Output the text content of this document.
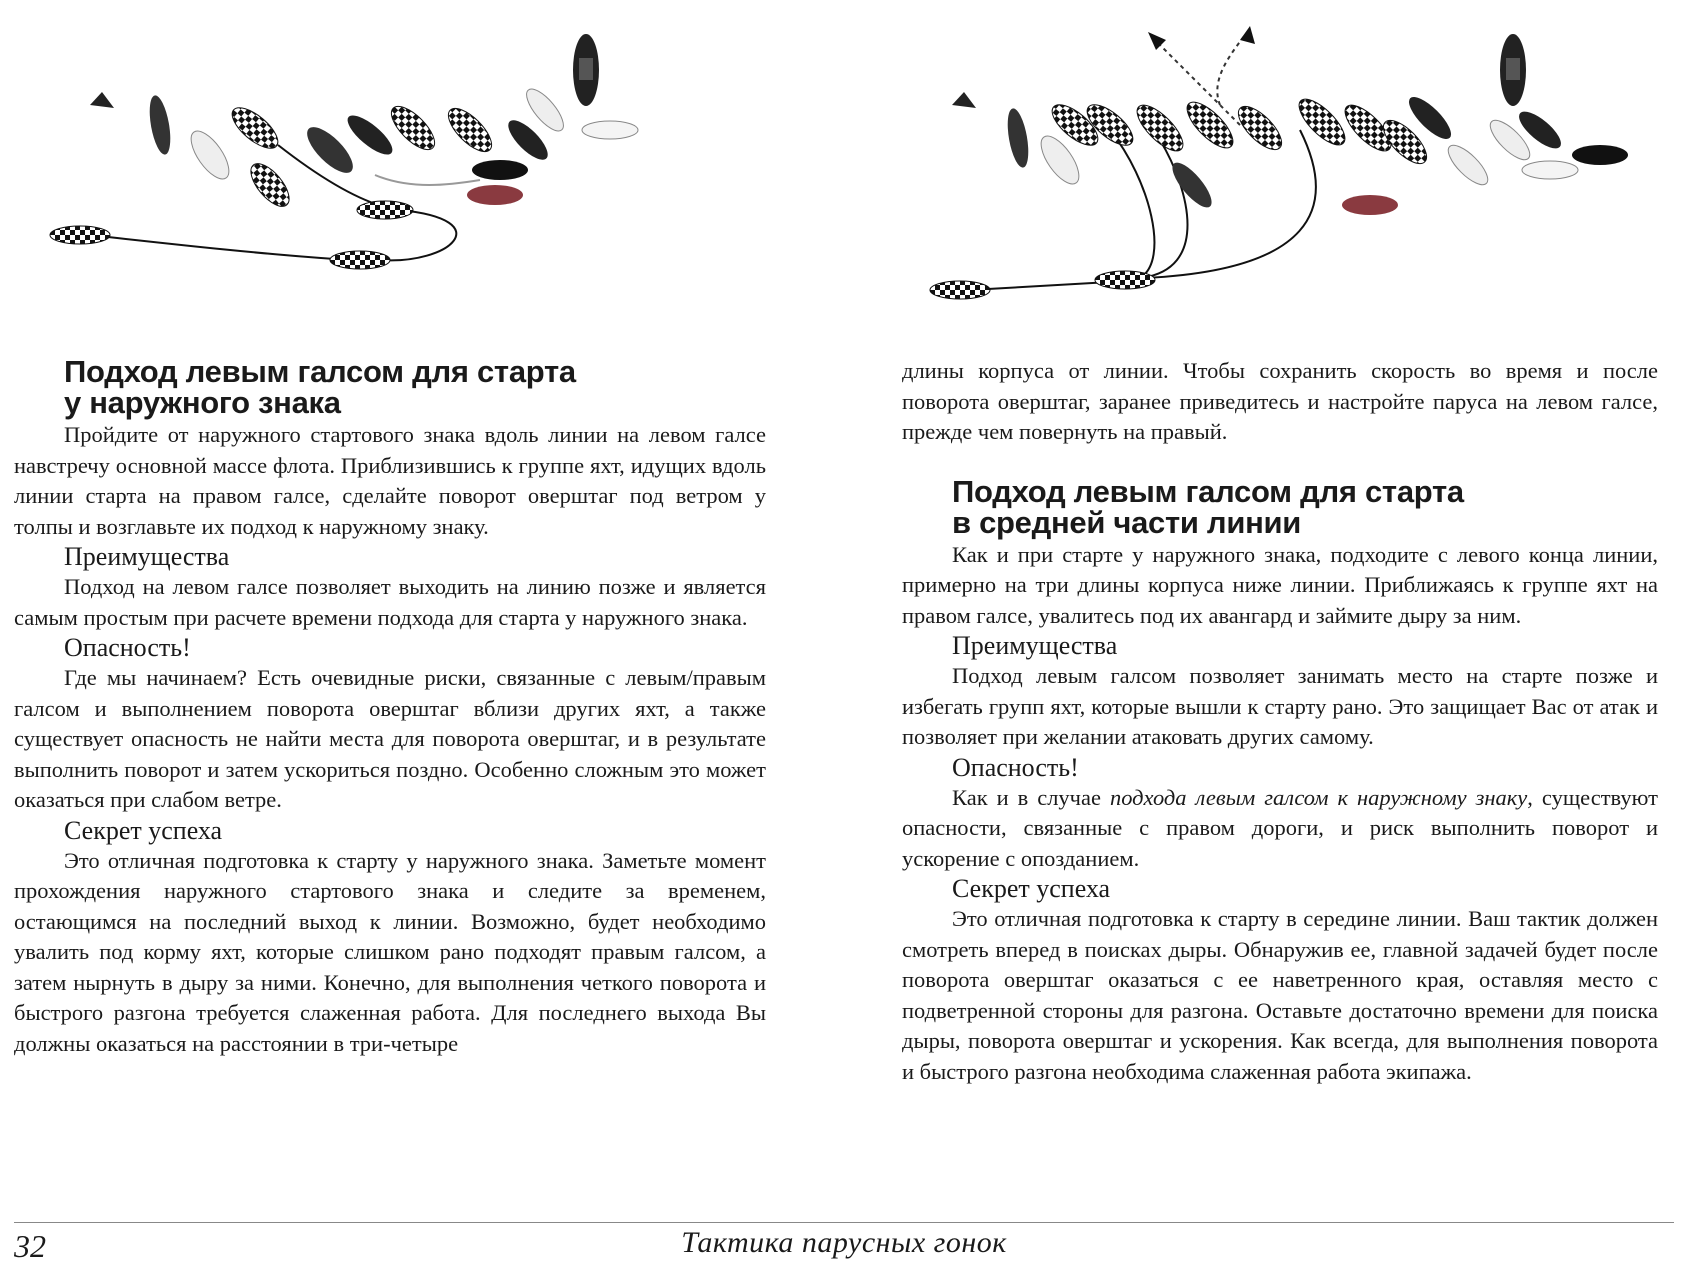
Подход левым галсом для старта
у наружного знака

Пройдите от наружного стартового знака вдоль линии на левом галсе навстречу основной массе флота. Приблизившись к группе яхт, идущих вдоль линии старта на правом галсе, сделайте поворот оверштаг под ветром у толпы и возглавьте их подход к наружному знаку.

Преимущества

Подход на левом галсе позволяет выходить на линию позже и является самым простым при расчете времени подхода для старта у наружного знака.

Опасность!

Где мы начинаем? Есть очевидные риски, связанные с левым/правым галсом и выполнением поворота оверштаг вблизи других яхт, а также существует опасность не найти места для поворота оверштаг, и в результате выполнить поворот и затем ускориться поздно. Особенно сложным это может оказаться при слабом ветре.

Секрет успеха

Это отличная подготовка к старту у наружного знака. Заметьте момент прохождения наружного стартового знака и следите за временем, остающимся на последний выход к линии. Возможно, будет необходимо увалить под корму яхт, которые слишком рано подходят правым галсом, а затем нырнуть в дыру за ними. Конечно, для выполнения четкого поворота и быстрого разгона требуется слаженная работа. Для последнего выхода Вы должны оказаться на расстоянии в три-четыре

длины корпуса от линии. Чтобы сохранить скорость во время и после поворота оверштаг, заранее приведитесь и настройте паруса на левом галсе, прежде чем повернуть на правый.

Подход левым галсом для старта
в средней части линии

Как и при старте у наружного знака, подходите с левого конца линии, примерно на три длины корпуса ниже линии. Приближаясь к группе яхт на правом галсе, увалитесь под их авангард и займите дыру за ним.

Преимущества

Подход левым галсом позволяет занимать место на старте позже и избегать групп яхт, которые вышли к старту рано. Это защищает Вас от атак и позволяет при желании атаковать других самому.

Опасность!

Как и в случае подхода левым галсом к наружному знаку, существуют опасности, связанные с правом дороги, и риск выполнить поворот и ускорение с опозданием.

Секрет успеха

Это отличная подготовка к старту в середине линии. Ваш тактик должен смотреть вперед в поисках дыры. Обнаружив ее, главной задачей будет после поворота оверштаг оказаться с ее наветренного края, оставляя место с подветренной стороны для разгона. Оставьте достаточно времени для поиска дыры, поворота оверштаг и ускорения. Как всегда, для выполнения поворота и быстрого разгона необходима слаженная работа экипажа.

32	Тактика парусных гонок
